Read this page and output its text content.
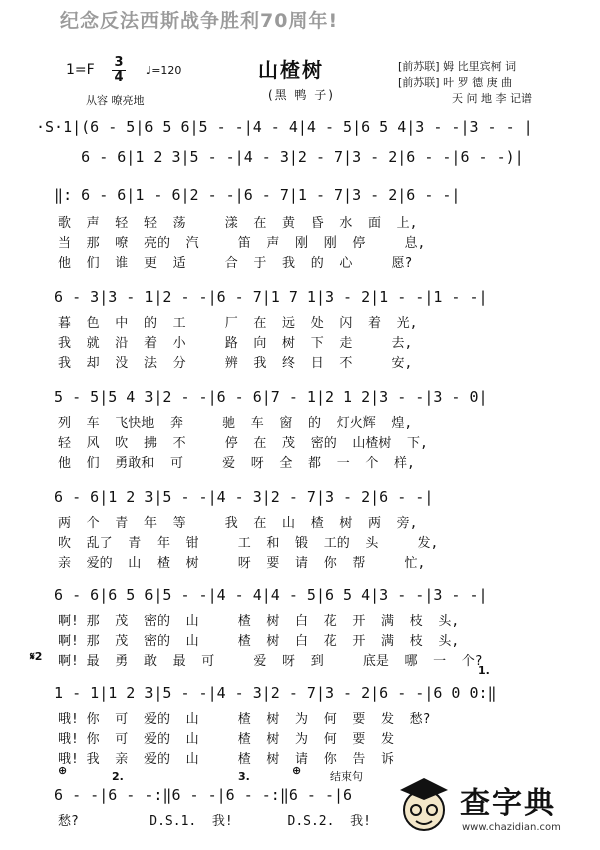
纪念反法西斯战争胜利70周年!
山楂树
(黑 鸭 子)
[前苏联] 姆 比里宾柯 词
[前苏联] 叶 罗 德 庚 曲
天 问 地 李 记谱
1=F 3
4 ♩=120
从容 嘹亮地
·S·1|(6 - 5|6 5 6|5 - -|4 - 4|4 - 5|6 5 4|3 - -|3 - - |
6 - 6|1 2 3|5 - -|4 - 3|2 - 7|3 - 2|6 - -|6 - -)|
‖: 6 - 6|1 - 6|2 - -|6 - 7|1 - 7|3 - 2|6 - -|
歌  声  轻  轻  荡     漾  在  黄  昏  水  面  上,
当  那  嘹  亮的  汽     笛  声  刚  刚  停     息,
他  们  谁  更  适     合  于  我  的  心     愿?
6 - 3|3 - 1|2 - -|6 - 7|1 7 1|3 - 2|1 - -|1 - -|
暮  色  中  的  工     厂  在  远  处  闪  着  光,
我  就  沿  着  小     路  向  树  下  走     去,
我  却  没  法  分     辨  我  终  日  不     安,
5 - 5|5 4 3|2 - -|6 - 6|7 - 1|2 1 2|3 - -|3 - 0|
列  车  飞快地  奔     驰  车  窗  的  灯火辉  煌,
轻  风  吹  拂  不     停  在  茂  密的  山楂树  下,
他  们  勇敢和  可     爱  呀  全  都  一  个  样,
6 - 6|1 2 3|5 - -|4 - 3|2 - 7|3 - 2|6 - -|
两  个  青  年  等     我  在  山  楂  树  两  旁,
吹  乱了  青  年  钳     工  和  锻  工的  头     发,
亲  爱的  山  楂  树     呀  要  请  你  帮     忙,
6 - 6|6 5 6|5 - -|4 - 4|4 - 5|6 5 4|3 - -|3 - -|
啊! 那  茂  密的  山     楂  树  白  花  开  满  枝  头,
啊! 那  茂  密的  山     楂  树  白  花  开  满  枝  头,
𝄋2 啊! 最  勇  敢  最  可     爱  呀  到     底是  哪  一  个?
1.
1 - 1|1 2 3|5 - -|4 - 3|2 - 7|3 - 2|6 - -|6 0 0:‖
哦! 你  可  爱的  山     楂  树  为  何  要  发  愁?
哦! 你  可  爱的  山     楂  树  为  何  要  发
哦! 我  亲  爱的  山     楂  树  请  你  告  诉
⊕	2.	3.	⊕	结束句
6 - -|6 - -:‖6 - -|6 - -:‖6 - -|6
愁?         D.S.1.  我!       D.S.2.  我!
查字典
www.chazidian.com
